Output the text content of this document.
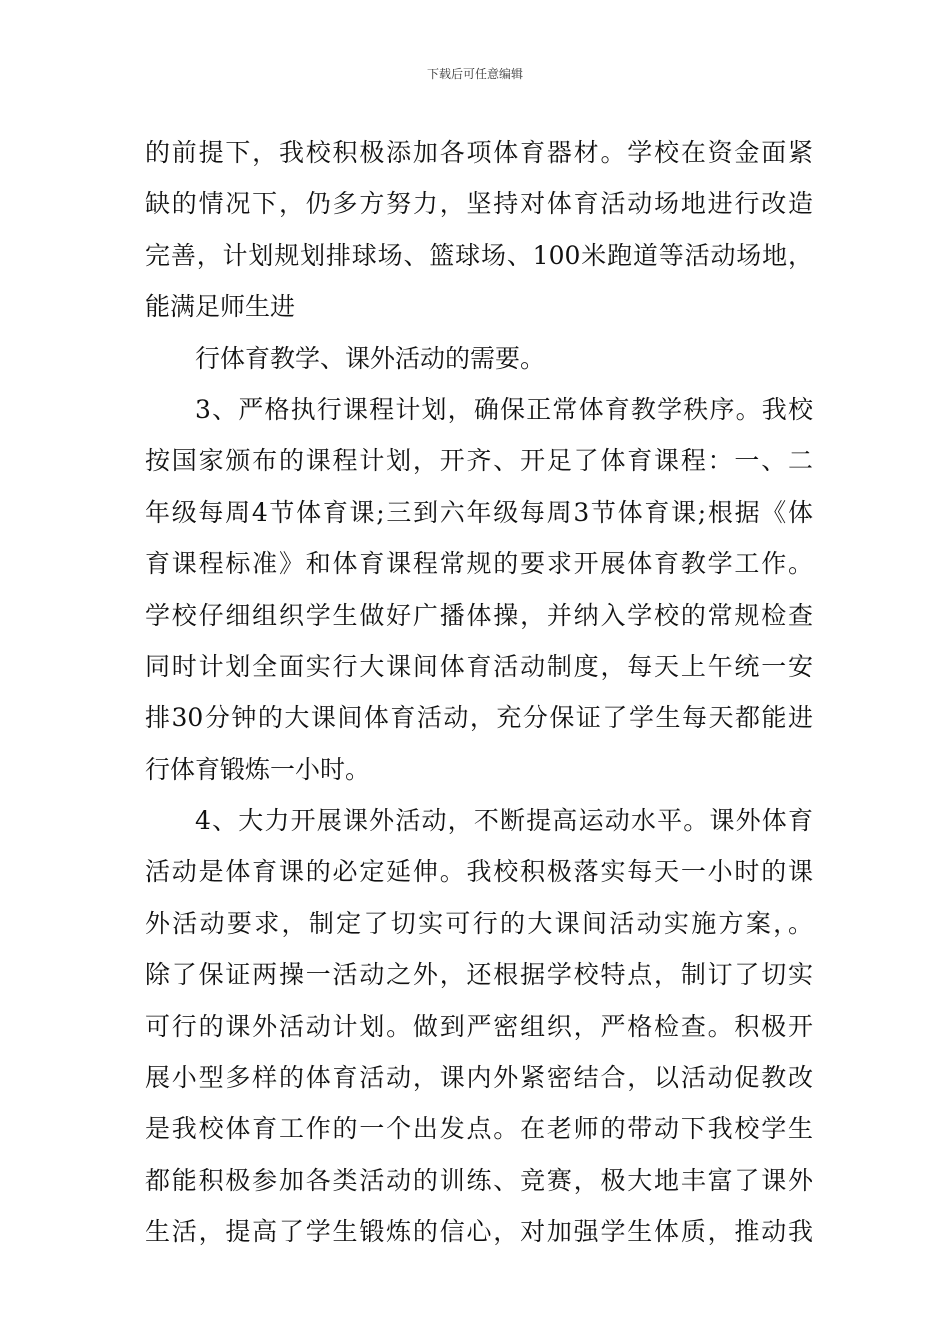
下载后可任意编辑
的前提下，我校积极添加各项体育器材。学校在资金面紧
缺的情况下，仍多方努力，坚持对体育活动场地进行改造
完善，计划规划排球场、篮球场、100米跑道等活动场地，
能满足师生进
行体育教学、课外活动的需要。
3、严格执行课程计划，确保正常体育教学秩序。我校
按国家颁布的课程计划，开齐、开足了体育课程：一、二
年级每周4节体育课;三到六年级每周3节体育课;根据《体
育课程标准》和体育课程常规的要求开展体育教学工作。
学校仔细组织学生做好广播体操，并纳入学校的常规检查
同时计划全面实行大课间体育活动制度，每天上午统一安
排30分钟的大课间体育活动，充分保证了学生每天都能进
行体育锻炼一小时。
4、大力开展课外活动，不断提高运动水平。课外体育
活动是体育课的必定延伸。我校积极落实每天一小时的课
外活动要求，制定了切实可行的大课间活动实施方案，。
除了保证两操一活动之外，还根据学校特点，制订了切实
可行的课外活动计划。做到严密组织，严格检查。积极开
展小型多样的体育活动，课内外紧密结合，以活动促教改
是我校体育工作的一个出发点。在老师的带动下我校学生
都能积极参加各类活动的训练、竞赛，极大地丰富了课外
生活，提高了学生锻炼的信心，对加强学生体质，推动我
